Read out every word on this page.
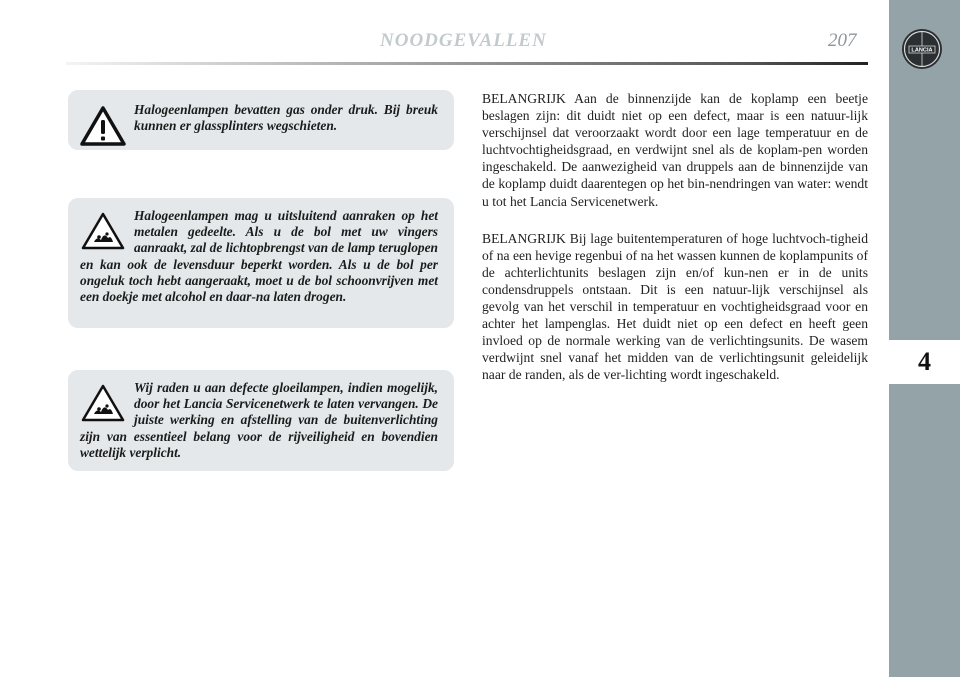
NOODGEVALLEN	207	LANCIA
4
Halogeenlampen bevatten gas onder druk. Bij breuk kunnen er glassplinters wegschieten.
Halogeenlampen mag u uitsluitend aanraken op het metalen gedeelte. Als u de bol met uw vingers aanraakt, zal de lichtopbrengst van de lamp teruglopen en kan ook de levensduur beperkt worden. Als u de bol per ongeluk toch hebt aangeraakt, moet u de bol schoonvrijven met een doekje met alcohol en daar-na laten drogen.
Wij raden u aan defecte gloeilampen, indien mogelijk, door het Lancia Servicenetwerk te laten vervangen. De juiste werking en afstelling van de buitenverlichting zijn van essentieel belang voor de rijveiligheid en bovendien wettelijk verplicht.

BELANGRIJK Aan de binnenzijde kan de koplamp een beetje beslagen zijn: dit duidt niet op een defect, maar is een natuur-lijk verschijnsel dat veroorzaakt wordt door een lage temperatuur en de luchtvochtigheidsgraad, en verdwijnt snel als de koplam-pen worden ingeschakeld. De aanwezigheid van druppels aan de binnenzijde van de koplamp duidt daarentegen op het bin-nendringen van water: wendt u tot het Lancia Servicenetwerk.

BELANGRIJK Bij lage buitentemperaturen of hoge luchtvoch-tigheid of na een hevige regenbui of na het wassen kunnen de koplampunits of de achterlichtunits beslagen zijn en/of kun-nen er in de units condensdruppels ontstaan. Dit is een natuur-lijk verschijnsel als gevolg van het verschil in temperatuur en vochtigheidsgraad voor en achter het lampenglas. Het duidt niet op een defect en heeft geen invloed op de normale werking van de verlichtingsunits. De wasem verdwijnt snel vanaf het midden van de verlichtingsunit geleidelijk naar de randen, als de ver-lichting wordt ingeschakeld.
